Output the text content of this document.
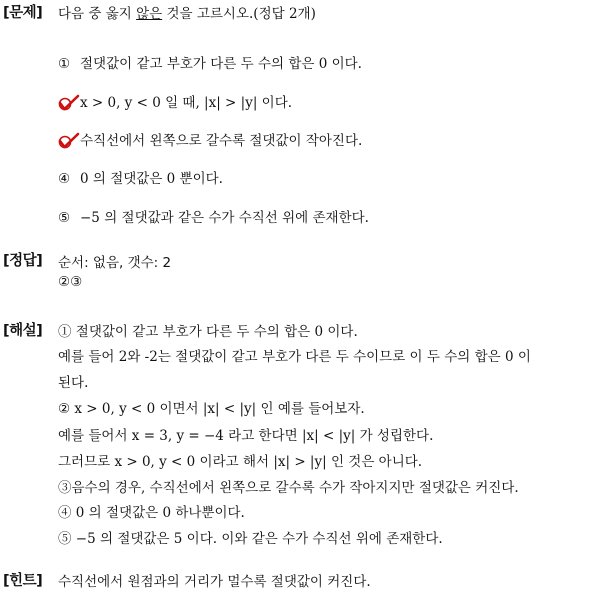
[문제] 다음 중 옳지 않은 것을 고르시오.(정답 2개)
① 절댓값이 같고 부호가 다른 두 수의 합은 0 이다.
x > 0, y < 0 일 때, |x| > |y| 이다.
수직선에서 왼쪽으로 갈수록 절댓값이 작아진다.
④ 0 의 절댓값은 0 뿐이다.
⑤ −5 의 절댓값과 같은 수가 수직선 위에 존재한다.
[정답] 순서: 없음, 갯수: 2
②③
[해설] ① 절댓값이 같고 부호가 다른 두 수의 합은 0 이다.
예를 들어 2와 -2는 절댓값이 같고 부호가 다른 두 수이므로 이 두 수의 합은 0 이
된다.
② x > 0, y < 0 이면서 |x| < |y| 인 예를 들어보자.
예를 들어서 x = 3, y = −4 라고 한다면 |x| < |y| 가 성립한다.
그러므로 x > 0, y < 0 이라고 해서 |x| > |y| 인 것은 아니다.
③음수의 경우, 수직선에서 왼쪽으로 갈수록 수가 작아지지만 절댓값은 커진다.
④ 0 의 절댓값은 0 하나뿐이다.
⑤ −5 의 절댓값은 5 이다. 이와 같은 수가 수직선 위에 존재한다.
[힌트] 수직선에서 원점과의 거리가 멀수록 절댓값이 커진다.
